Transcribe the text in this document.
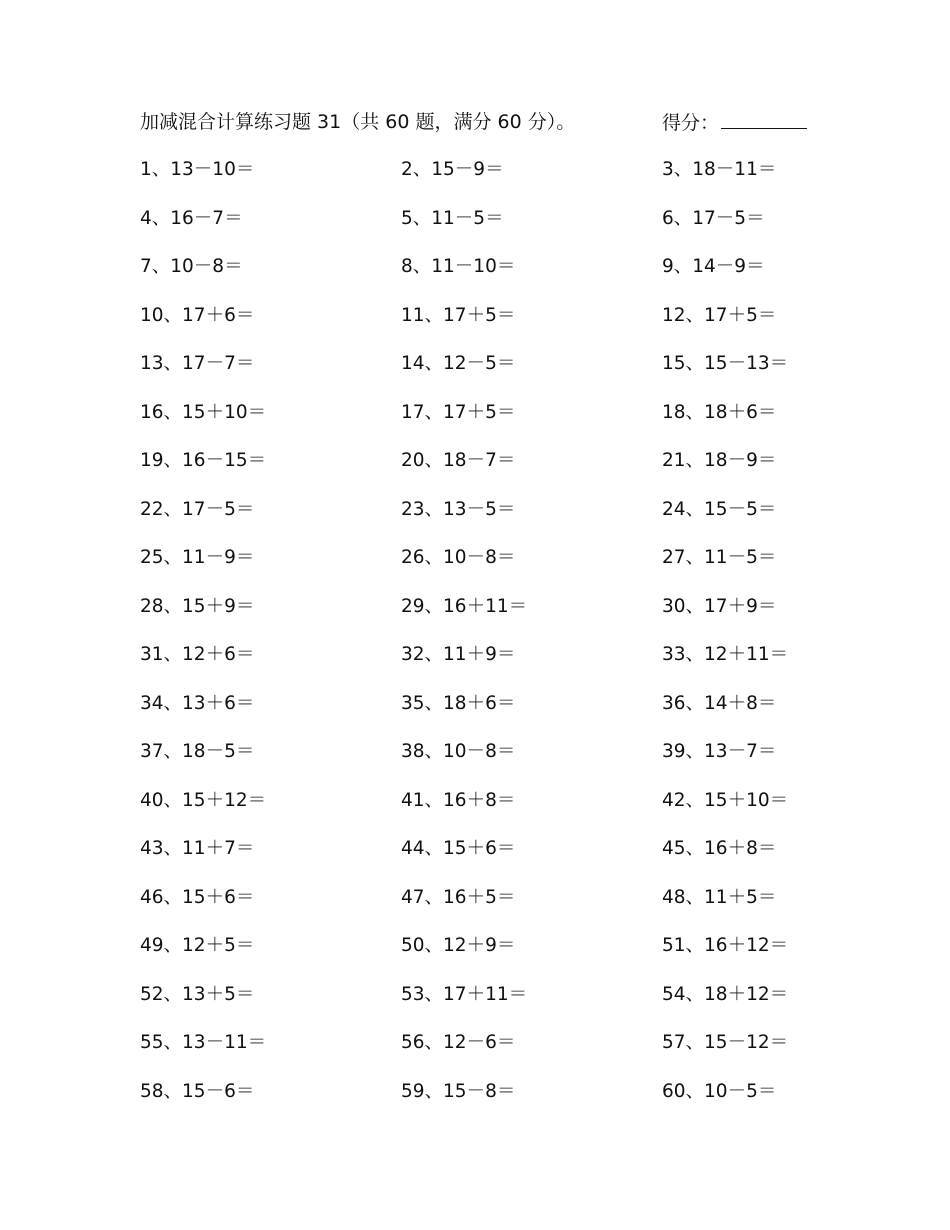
加减混合计算练习题 31（共 60 题，满分 60 分）。	得分：
1、13－10＝	2、15－9＝	3、18－11＝
4、16－7＝	5、11－5＝	6、17－5＝
7、10－8＝	8、11－10＝	9、14－9＝
10、17＋6＝	11、17＋5＝	12、17＋5＝
13、17－7＝	14、12－5＝	15、15－13＝
16、15＋10＝	17、17＋5＝	18、18＋6＝
19、16－15＝	20、18－7＝	21、18－9＝
22、17－5＝	23、13－5＝	24、15－5＝
25、11－9＝	26、10－8＝	27、11－5＝
28、15＋9＝	29、16＋11＝	30、17＋9＝
31、12＋6＝	32、11＋9＝	33、12＋11＝
34、13＋6＝	35、18＋6＝	36、14＋8＝
37、18－5＝	38、10－8＝	39、13－7＝
40、15＋12＝	41、16＋8＝	42、15＋10＝
43、11＋7＝	44、15＋6＝	45、16＋8＝
46、15＋6＝	47、16＋5＝	48、11＋5＝
49、12＋5＝	50、12＋9＝	51、16＋12＝
52、13＋5＝	53、17＋11＝	54、18＋12＝
55、13－11＝	56、12－6＝	57、15－12＝
58、15－6＝	59、15－8＝	60、10－5＝
